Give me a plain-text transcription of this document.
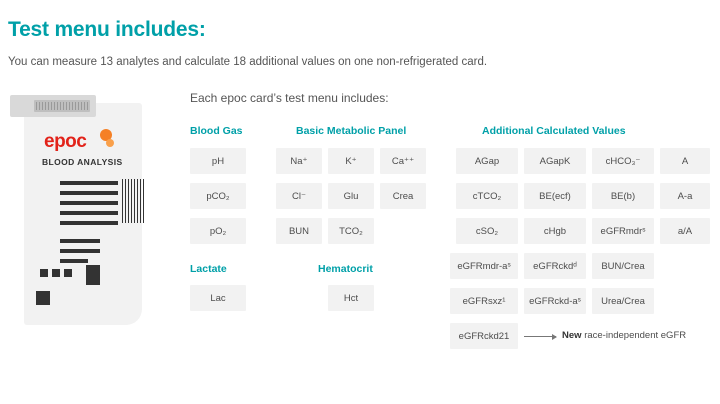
Test menu includes:
You can measure 13 analytes and calculate 18 additional values on one non-refrigerated card.
Each epoc card’s test menu includes:
epoc
BLOOD ANALYSIS
Blood Gas
pH
pCO₂
pO₂
Lactate
Lac
Basic Metabolic Panel
Na⁺	K⁺	Ca⁺⁺
Cl⁻	Glu	Crea
BUN	TCO₂
Hematocrit
Hct
Additional Calculated Values
AGap	AGapK	cHCO₃⁻	A
cTCO₂	BE(ecf)	BE(b)	A-a
cSO₂	cHgb	eGFRmdrˢ	a/A
eGFRmdr-aˢ	eGFRckdᵈ	BUN/Crea
eGFRsxz¹	eGFRckd-aˢ	Urea/Crea
eGFRckd21	New race-independent eGFR
